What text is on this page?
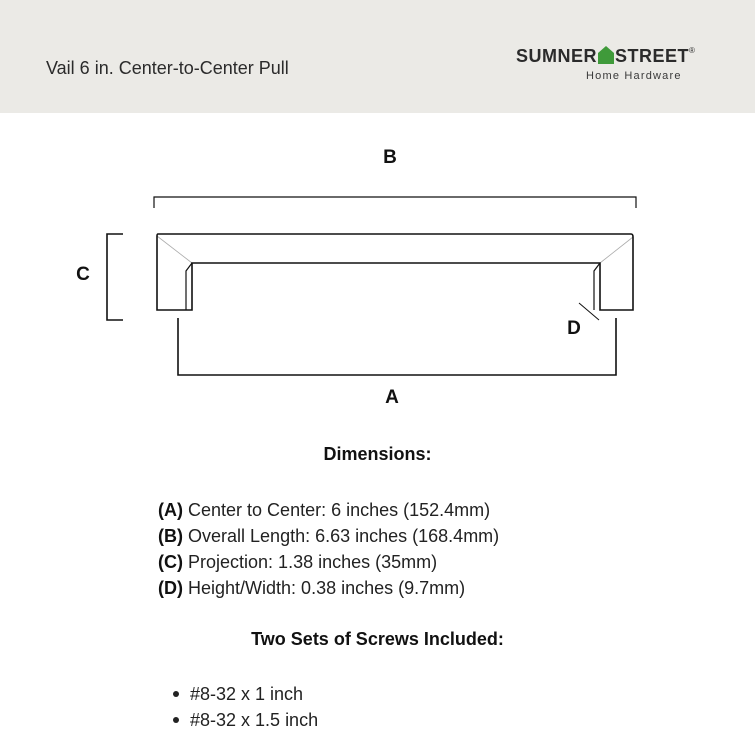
Vail 6 in. Center-to-Center Pull
SUMNER STREET®
Home Hardware
B
C
D
A
Dimensions:
(A) Center to Center: 6 inches (152.4mm)
(B) Overall Length: 6.63 inches (168.4mm)
(C) Projection: 1.38 inches (35mm)
(D) Height/Width: 0.38 inches (9.7mm)
Two Sets of Screws Included:
#8-32 x 1 inch
#8-32 x 1.5 inch
